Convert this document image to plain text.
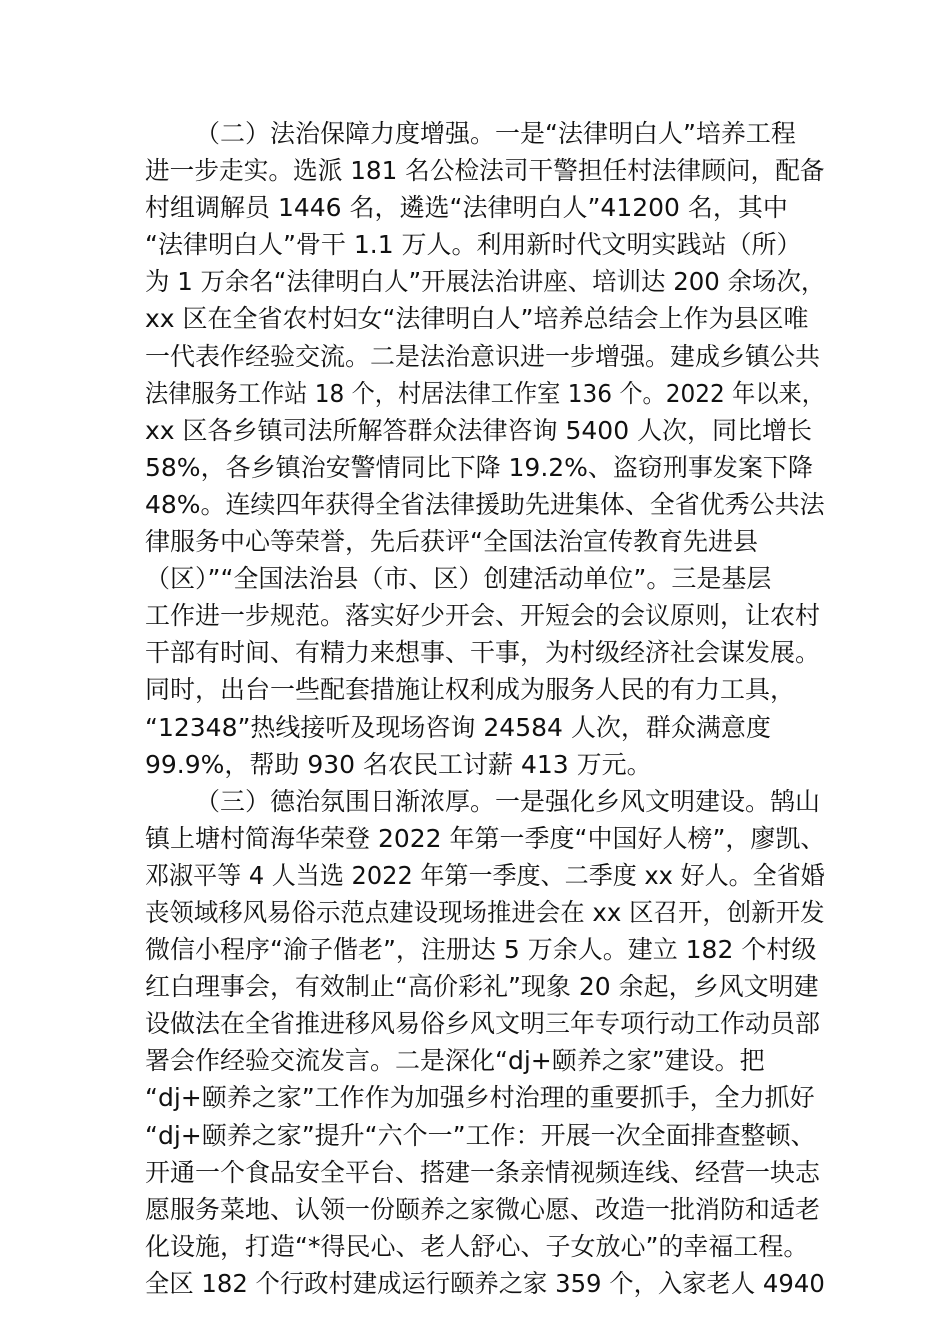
（二）法治保障力度增强。一是“法律明白人”培养工程
进一步走实。选派 181 名公检法司干警担任村法律顾问，配备
村组调解员 1446 名，遴选“法律明白人”41200 名，其中
“法律明白人”骨干 1.1 万人。利用新时代文明实践站（所）
为 1 万余名“法律明白人”开展法治讲座、培训达 200 余场次，
xx 区在全省农村妇女“法律明白人”培养总结会上作为县区唯
一代表作经验交流。二是法治意识进一步增强。建成乡镇公共
法律服务工作站 18 个，村居法律工作室 136 个。2022 年以来，
xx 区各乡镇司法所解答群众法律咨询 5400 人次，同比增长
58%，各乡镇治安警情同比下降 19.2%、盗窃刑事发案下降
48%。连续四年获得全省法律援助先进集体、全省优秀公共法
律服务中心等荣誉，先后获评“全国法治宣传教育先进县
（区）”“全国法治县（市、区）创建活动单位”。三是基层
工作进一步规范。落实好少开会、开短会的会议原则，让农村
干部有时间、有精力来想事、干事，为村级经济社会谋发展。
同时，出台一些配套措施让权利成为服务人民的有力工具，
“12348”热线接听及现场咨询 24584 人次，群众满意度
99.9%，帮助 930 名农民工讨薪 413 万元。
（三）德治氛围日渐浓厚。一是强化乡风文明建设。鹄山
镇上塘村简海华荣登 2022 年第一季度“中国好人榜”，廖凯、
邓淑平等 4 人当选 2022 年第一季度、二季度 xx 好人。全省婚
丧领域移风易俗示范点建设现场推进会在 xx 区召开，创新开发
微信小程序“渝子偕老”，注册达 5 万余人。建立 182 个村级
红白理事会，有效制止“高价彩礼”现象 20 余起，乡风文明建
设做法在全省推进移风易俗乡风文明三年专项行动工作动员部
署会作经验交流发言。二是深化“dj+颐养之家”建设。把
“dj+颐养之家”工作作为加强乡村治理的重要抓手，全力抓好
“dj+颐养之家”提升“六个一”工作：开展一次全面排查整顿、
开通一个食品安全平台、搭建一条亲情视频连线、经营一块志
愿服务菜地、认领一份颐养之家微心愿、改造一批消防和适老
化设施，打造“*得民心、老人舒心、子女放心”的幸福工程。
全区 182 个行政村建成运行颐养之家 359 个，入家老人 4940
